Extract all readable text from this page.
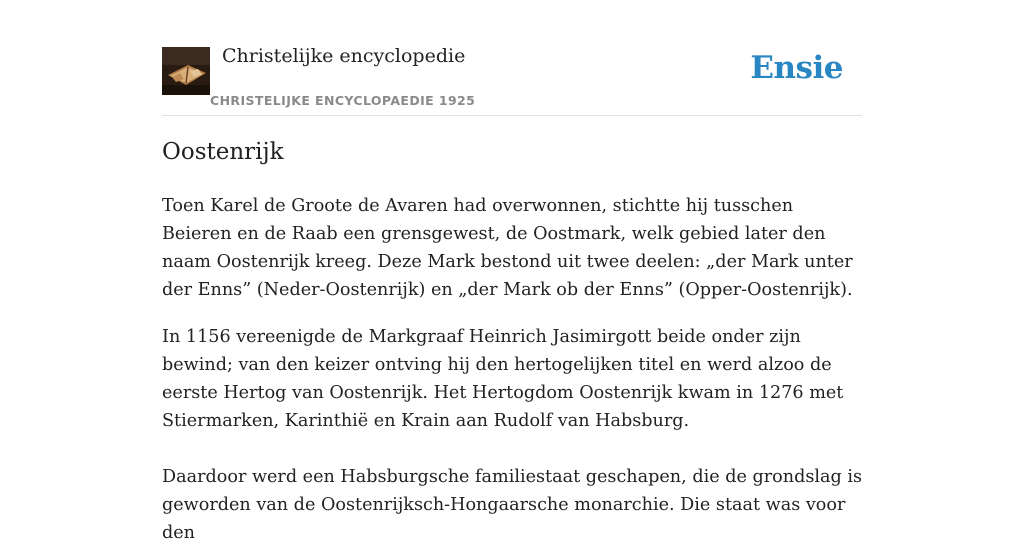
Christelijke encyclopedie
CHRISTELIJKE ENCYCLOPAEDIE 1925
Ensie
Oostenrijk

Toen Karel de Groote de Avaren had overwonnen, stichtte hij tusschen Beieren en de Raab een grensgewest, de Oostmark, welk gebied later den naam Oostenrijk kreeg. Deze Mark bestond uit twee deelen: „der Mark unter der Enns” (Neder-Oostenrijk) en „der Mark ob der Enns” (Opper-Oostenrijk).

In 1156 vereenigde de Markgraaf Heinrich Jasimirgott beide onder zijn bewind; van den keizer ontving hij den hertogelijken titel en werd alzoo de eerste Hertog van Oostenrijk. Het Hertogdom Oostenrijk kwam in 1276 met Stiermarken, Karinthië en Krain aan Rudolf van Habsburg.

Daardoor werd een Habsburgsche familiestaat geschapen, die de grondslag is geworden van de Oostenrijksch-Hongaarsche monarchie. Die staat was voor den
